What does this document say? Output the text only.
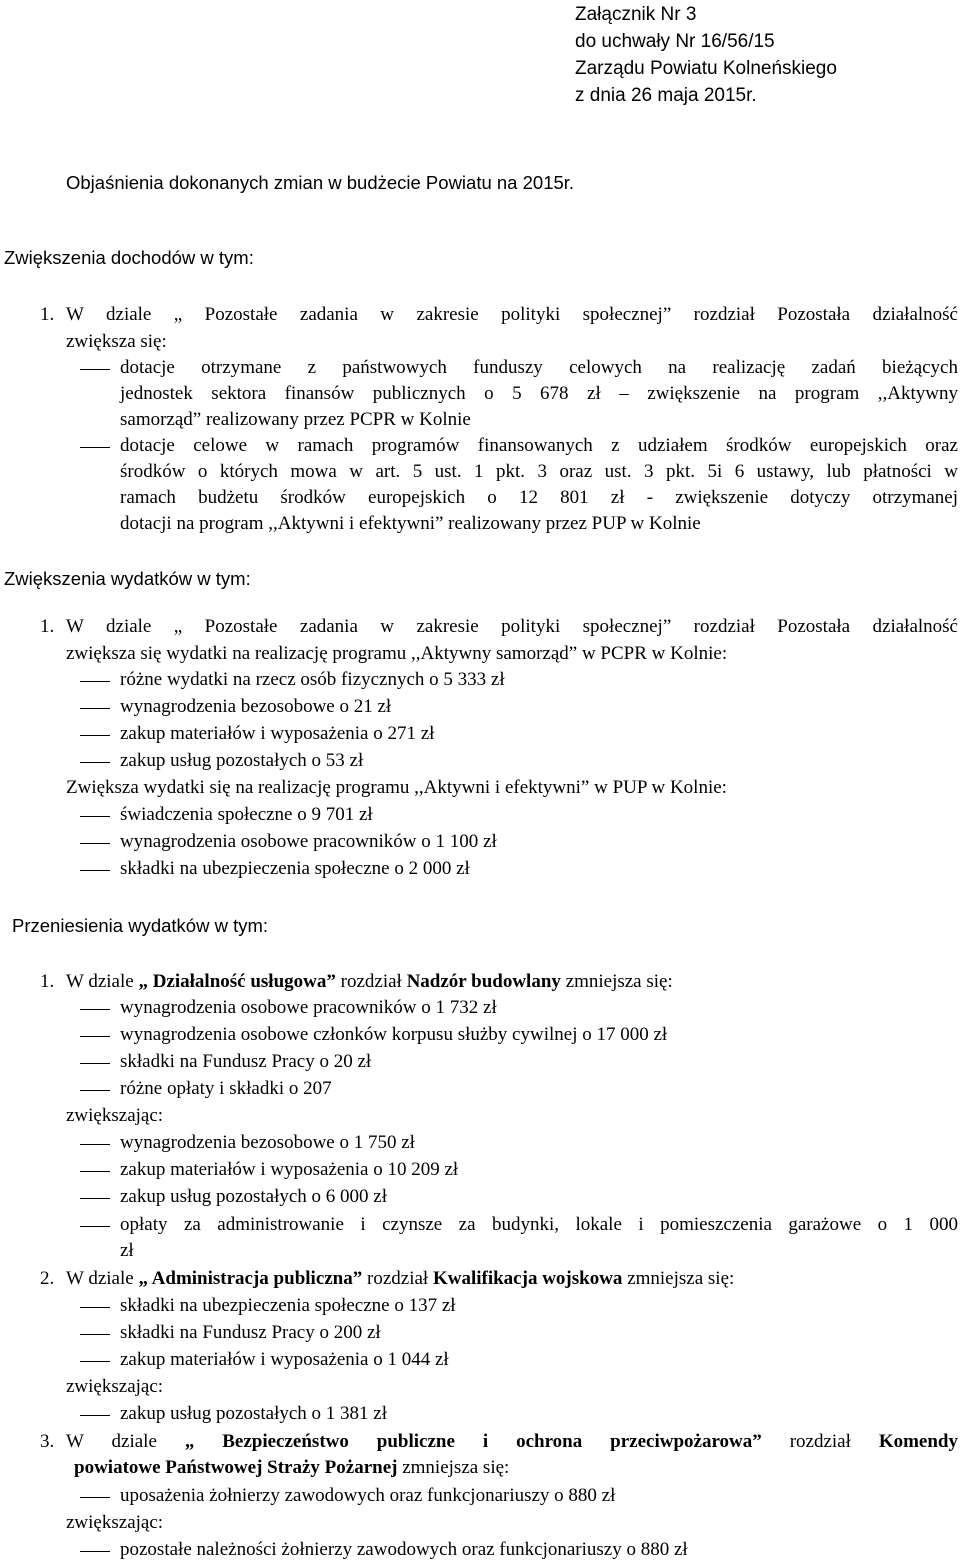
Załącznik Nr 3
do uchwały Nr 16/56/15
Zarządu Powiatu Kolneńskiego
z dnia 26 maja 2015r.
Objaśnienia dokonanych zmian w budżecie Powiatu na 2015r.
Zwiększenia dochodów w tym:
1. W dziale „ Pozostałe zadania w zakresie polityki społecznej” rozdział Pozostała działalność
zwiększa się:
dotacje otrzymane z państwowych funduszy celowych na realizację zadań bieżących
jednostek sektora finansów publicznych o 5 678 zł – zwiększenie na program ,,Aktywny
samorząd” realizowany przez PCPR w Kolnie
dotacje celowe w ramach programów finansowanych z udziałem środków europejskich oraz
środków o których mowa w art. 5 ust. 1 pkt. 3 oraz ust. 3 pkt. 5i 6 ustawy, lub płatności w
ramach budżetu środków europejskich o 12 801 zł - zwiększenie dotyczy otrzymanej
dotacji na program ,,Aktywni i efektywni” realizowany przez PUP w Kolnie
Zwiększenia wydatków w tym:
1. W dziale „ Pozostałe zadania w zakresie polityki społecznej” rozdział Pozostała działalność
zwiększa się wydatki na realizację programu ,,Aktywny samorząd” w PCPR w Kolnie:
różne wydatki na rzecz osób fizycznych o 5 333 zł
wynagrodzenia bezosobowe o 21 zł
zakup materiałów i wyposażenia o 271 zł
zakup usług pozostałych o 53 zł
Zwiększa wydatki się na realizację programu ,,Aktywni i efektywni” w PUP w Kolnie:
świadczenia społeczne o 9 701 zł
wynagrodzenia osobowe pracowników o 1 100 zł
składki na ubezpieczenia społeczne o 2 000 zł
Przeniesienia wydatków w tym:
1. W dziale „ Działalność usługowa” rozdział Nadzór budowlany zmniejsza się:
wynagrodzenia osobowe pracowników o 1 732 zł
wynagrodzenia osobowe członków korpusu służby cywilnej o 17 000 zł
składki na Fundusz Pracy o 20 zł
różne opłaty i składki o 207
zwiększając:
wynagrodzenia bezosobowe o 1 750 zł
zakup materiałów i wyposażenia o 10 209 zł
zakup usług pozostałych o 6 000 zł
opłaty za administrowanie i czynsze za budynki, lokale i pomieszczenia garażowe o 1 000
zł
2. W dziale „ Administracja publiczna” rozdział Kwalifikacja wojskowa zmniejsza się:
składki na ubezpieczenia społeczne o 137 zł
składki na Fundusz Pracy o 200 zł
zakup materiałów i wyposażenia o 1 044 zł
zwiększając:
zakup usług pozostałych o 1 381 zł
3. W dziale „ Bezpieczeństwo publiczne i ochrona przeciwpożarowa” rozdział Komendy
powiatowe Państwowej Straży Pożarnej zmniejsza się:
uposażenia żołnierzy zawodowych oraz funkcjonariuszy o 880 zł
zwiększając:
pozostałe należności żołnierzy zawodowych oraz funkcjonariuszy o 880 zł
